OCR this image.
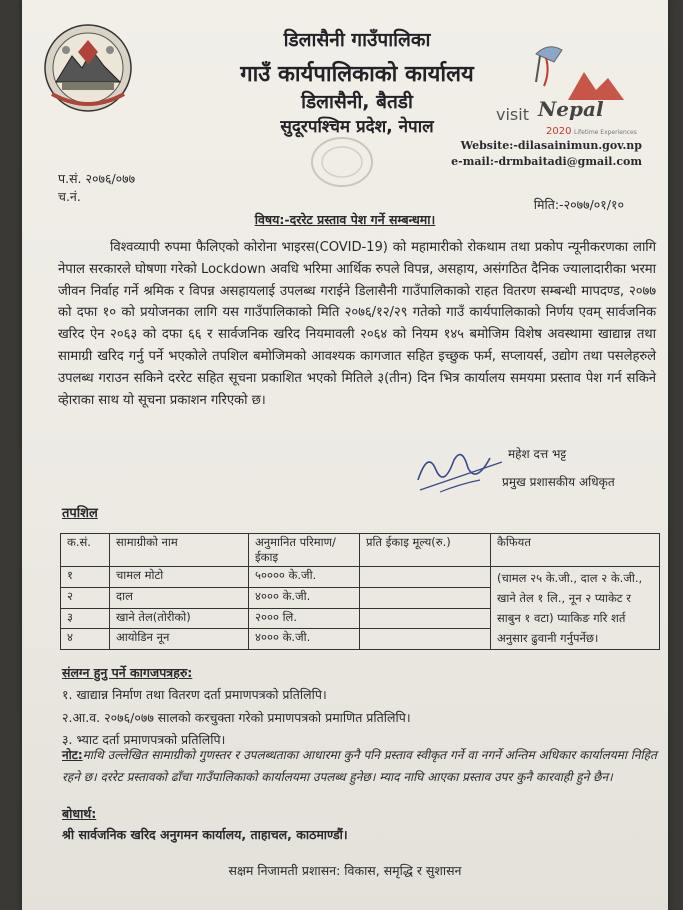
डिलासैनी गाउँपालिका
गाउँ कार्यपालिकाको कार्यालय
डिलासैनी, बैतडी
सुदूरपश्चिम प्रदेश, नेपाल
visit Nepal
2020 Lifetime Experiences
Website:-dilasainimun.gov.np
e-mail:-drmbaitadi@gmail.com
प.सं. २०७६/०७७
च.नं.
मिति:-२०७७/०१/१०
विषय:-दररेट प्रस्ताव पेश गर्ने सम्बन्धमा।
विश्वव्यापी रुपमा फैलिएको कोरोना भाइरस(COVID-19) को महामारीको रोकथाम तथा प्रकोप न्यूनीकरणका लागि नेपाल सरकारले घोषणा गरेको Lockdown अवधि भरिमा आर्थिक रुपले विपन्न, असहाय, असंगठित दैनिक ज्यालादारीका भरमा जीवन निर्वाह गर्ने श्रमिक र विपन्न असहायलाई उपलब्ध गराईने डिलासैनी गाउँपालिकाको राहत वितरण सम्बन्धी मापदण्ड, २०७७ को दफा १० को प्रयोजनका लागि यस गाउँपालिकाको मिति २०७६/१२/२९ गतेको गाउँ कार्यपालिकाको निर्णय एवम् सार्वजनिक खरिद ऐन २०६३ को दफा ६६ र सार्वजनिक खरिद नियमावली २०६४ को नियम १४५ बमोजिम विशेष अवस्थामा खाद्यान्न तथा सामाग्री खरिद गर्नु पर्ने भएकोले तपशिल बमोजिमको आवश्यक कागजात सहित इच्छुक फर्म, सप्लायर्स, उद्योग तथा पसलेहरुले उपलब्ध गराउन सकिने दररेट सहित सूचना प्रकाशित भएको मितिले ३(तीन) दिन भित्र कार्यालय समयमा प्रस्ताव पेश गर्न सकिने व्हेाराका साथ यो सूचना प्रकाशन गरिएको छ।
महेश दत्त भट्ट
प्रमुख प्रशासकीय अधिकृत
तपशिल
क.सं.	सामाग्रीको नाम	अनुमानित परिमाण/ईकाइ	प्रति ईकाइ मूल्य(रु.)	कैफियत
१	चामल मोटो	५०००० के.जी.		(चामल २५ के.जी., दाल २ के.जी., खाने तेल १ लि., नून २ प्याकेट र साबुन १ वटा) प्याकिङ गरि शर्त अनुसार ढुवानी गर्नुपर्नेछ।
२	दाल	४००० के.जी.		
३	खाने तेल(तोरीको)	२००० लि.		
४	आयोडिन नून	४००० के.जी.		
संलग्न हुनु पर्ने कागजपत्रहरु:
१. खाद्यान्न निर्माण तथा वितरण दर्ता प्रमाणपत्रको प्रतिलिपि।
२.आ.व. २०७६/०७७ सालको करचुक्ता गरेको प्रमाणपत्रको प्रमाणित प्रतिलिपि।
३. भ्याट दर्ता प्रमाणपत्रको प्रतिलिपि।
नोट:माथि उल्लेखित सामाग्रीको गुणस्तर र उपलब्धताका आधारमा कुनै पनि प्रस्ताव स्वीकृत गर्ने वा नगर्ने अन्तिम अधिकार कार्यालयमा निहित रहने छ। दररेट प्रस्तावको ढाँचा गाउँपालिकाको कार्यालयमा उपलब्ध हुनेछ। म्याद नाघि आएका प्रस्ताव उपर कुनै कारवाही हुने छैन।
बोधार्थ:
श्री सार्वजनिक खरिद अनुगमन कार्यालय, ताहाचल, काठमाण्डौं।
सक्षम निजामती प्रशासन: विकास, समृद्धि र सुशासन
